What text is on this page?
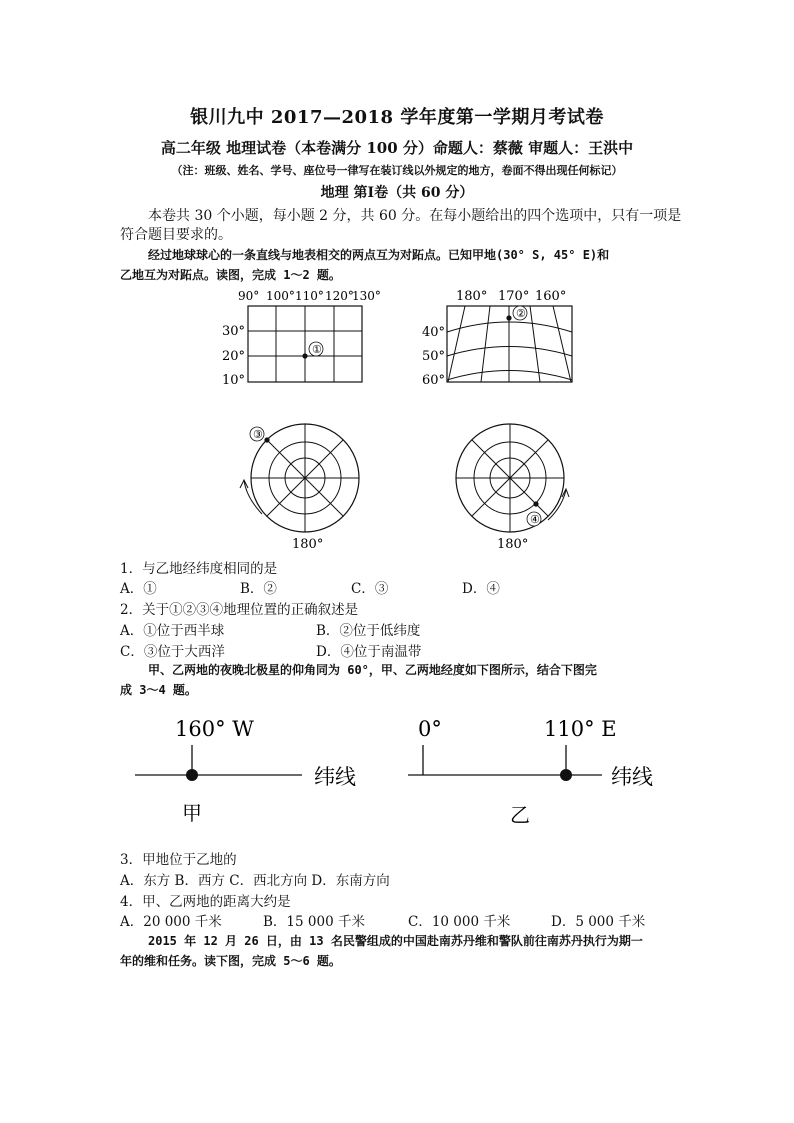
银川九中 2017—2018 学年度第一学期月考试卷
高二年级 地理试卷（本卷满分 100 分）命题人：蔡薇 审题人：王洪中
（注：班级、姓名、学号、座位号一律写在装订线以外规定的地方，卷面不得出现任何标记）
地理 第Ⅰ卷（共 60 分）
本卷共 30 个小题，每小题 2 分，共 60 分。在每小题给出的四个选项中，只有一项是
符合题目要求的。
经过地球球心的一条直线与地表相交的两点互为对跖点。已知甲地(30° S, 45° E)和
乙地互为对跖点。读图，完成 1～2 题。
90° 100° 110° 120°
130°
30°
20°
10°
①
180° 170° 160°
40°
50°
60°
②
③
180°
④
180°
1．与乙地经纬度相同的是
A．①	B．②	C．③	D．④
2．关于①②③④地理位置的正确叙述是
A．①位于西半球	B．②位于低纬度
C．③位于大西洋	D．④位于南温带
甲、乙两地的夜晚北极星的仰角同为 60°，甲、乙两地经度如下图所示，结合下图完
成 3～4 题。
160° W
纬线
甲
0°	110° E
纬线
乙
3．甲地位于乙地的
A．东方 B．西方 C．西北方向 D．东南方向
4．甲、乙两地的距离大约是
A．20 000 千米	B．15 000 千米	C．10 000 千米	D．5 000 千米
2015 年 12 月 26 日，由 13 名民警组成的中国赴南苏丹维和警队前往南苏丹执行为期一
年的维和任务。读下图，完成 5～6 题。
